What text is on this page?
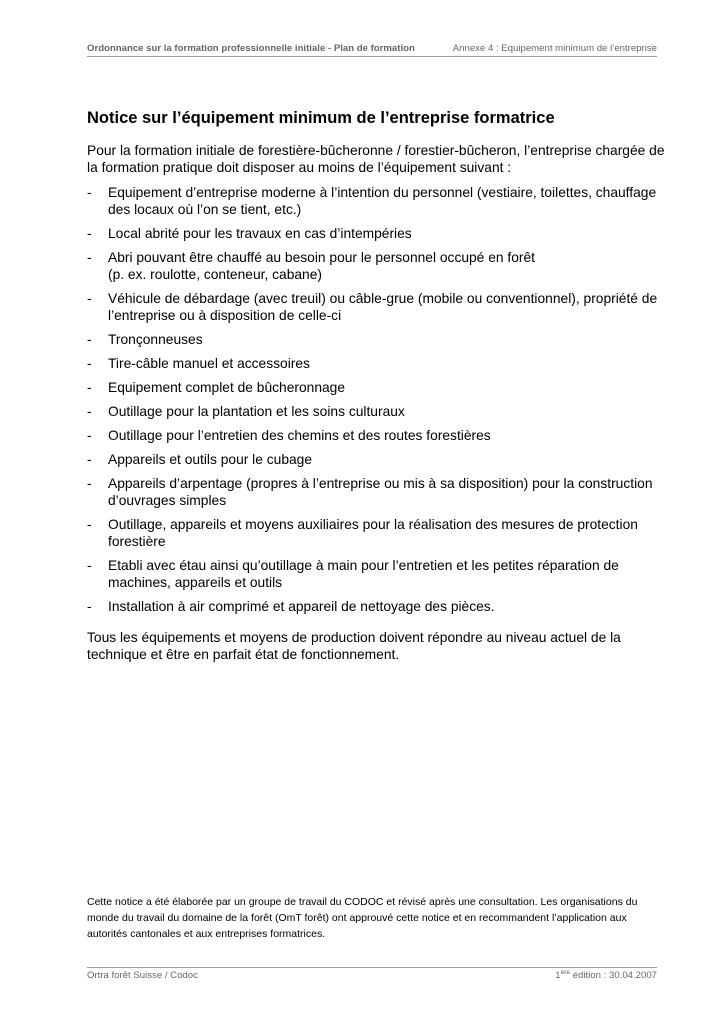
Ordonnance sur la formation professionnelle initiale - Plan de formation	Annexe 4 : Equipement minimum de l’entreprise
Notice sur l’équipement minimum de l’entreprise formatrice

Pour la formation initiale de forestière-bûcheronne / forestier-bûcheron, l’entreprise chargée de la formation pratique doit disposer au moins de l’équipement suivant :

- Equipement d’entreprise moderne à l’intention du personnel (vestiaire, toilettes, chauffage des locaux où l’on se tient, etc.)
- Local abrité pour les travaux en cas d’intempéries
- Abri pouvant être chauffé au besoin pour le personnel occupé en forêt
(p. ex. roulotte, conteneur, cabane)
- Véhicule de débardage (avec treuil) ou câble-grue (mobile ou conventionnel), propriété de l’entreprise ou à disposition de celle-ci
- Tronçonneuses
- Tire-câble manuel et accessoires
- Equipement complet de bûcheronnage
- Outillage pour la plantation et les soins culturaux
- Outillage pour l’entretien des chemins et des routes forestières
- Appareils et outils pour le cubage
- Appareils d’arpentage (propres à l’entreprise ou mis à sa disposition) pour la construction d’ouvrages simples
- Outillage, appareils et moyens auxiliaires pour la réalisation des mesures de protection forestière
- Etabli avec étau ainsi qu’outillage à main pour l’entretien et les petites réparation de machines, appareils et outils
- Installation à air comprimé et appareil de nettoyage des pièces.

Tous les équipements et moyens de production doivent répondre au niveau actuel de la technique et être en parfait état de fonctionnement.

Cette notice a été élaborée par un groupe de travail du CODOC et révisé après une consultation. Les organisations du monde du travail du domaine de la forêt (OmT forêt) ont approuvé cette notice et en recommandent l’application aux autorités cantonales et aux entreprises formatrices.

Ortra forêt Suisse / Codoc	1ère édition : 30.04.2007
